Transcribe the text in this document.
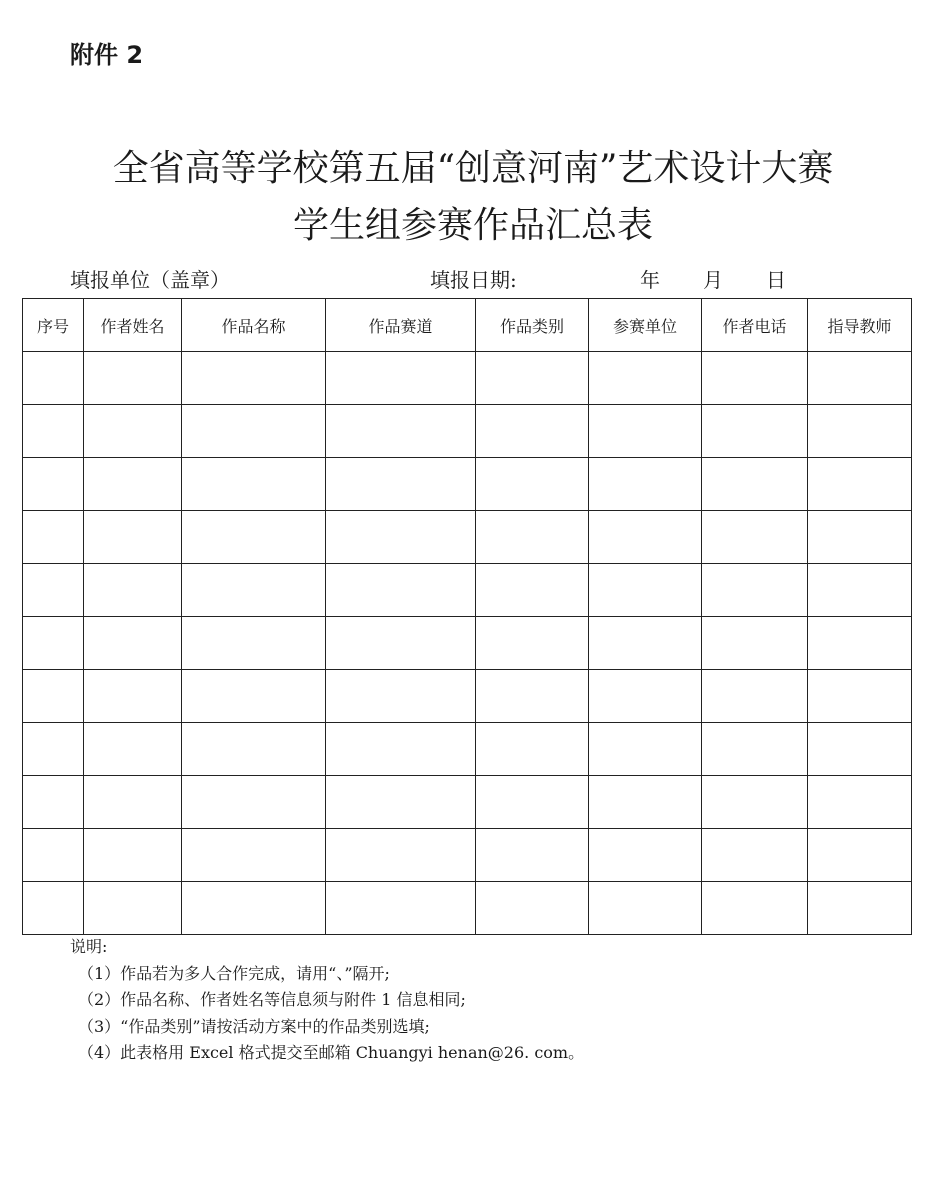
附件 2
全省高等学校第五届“创意河南”艺术设计大赛
学生组参赛作品汇总表
填报单位（盖章）	填报日期:	年 月 日
序号	作者姓名	作品名称	作品赛道	作品类别	参赛单位	作者电话	指导教师

说明:
（1）作品若为多人合作完成，请用“、”隔开;
（2）作品名称、作者姓名等信息须与附件 1 信息相同;
（3）“作品类别”请按活动方案中的作品类别选填;
（4）此表格用 Excel 格式提交至邮箱 Chuangyi henan@26. com。
